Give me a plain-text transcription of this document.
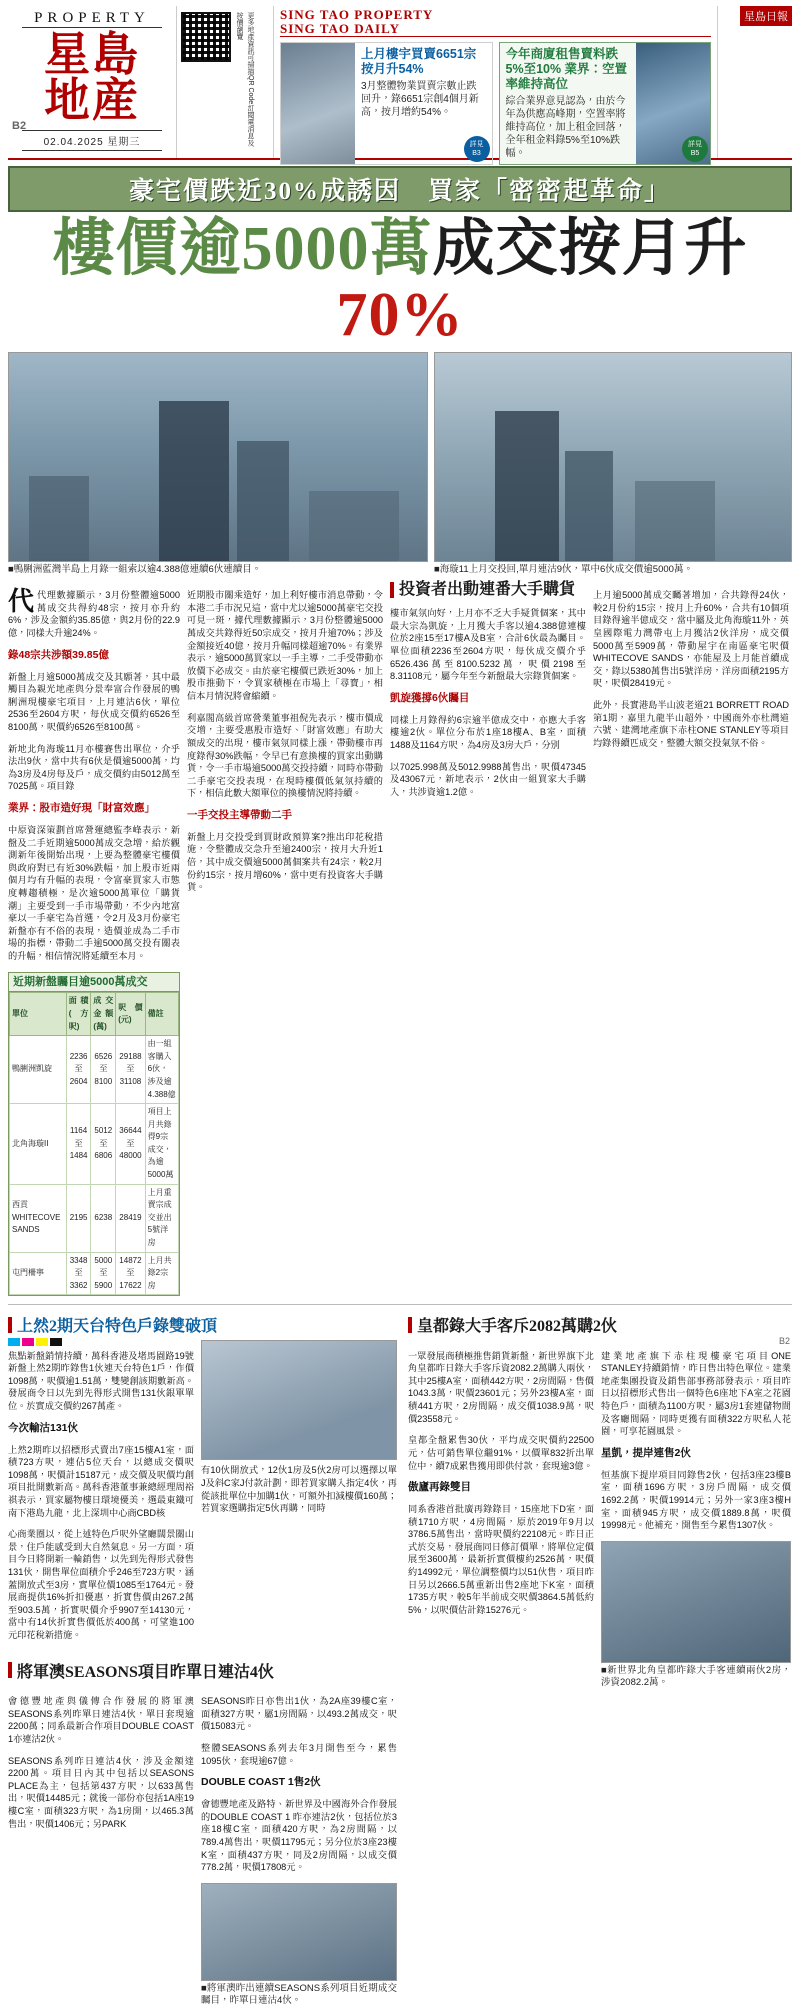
PROPERTY
星島
地産
02.04.2025 星期三
B2	更多地產資訊可掃描QR Code訂閱電消息及按價瀏覽	SING TAO PROPERTY
SING TAO DAILY
上月樓宇買賣6651宗 按月升54%
3月整體物業買賣宗數止跌回升，錄6651宗創4個月新高，按月增約54%。
詳見
B3
今年商廈租售賣料跌5%至10% 業界：空置率維持高位
綜合業界意見認為，由於今年為供應高峰期，空置率將維持高位，加上租金回落，全年租金料錄5%至10%跌幅。
詳見
B5
星島日報
豪宅價跌近30%成誘因　買家「密密起革命」
樓價逾5000萬成交按月升70%
■鴨脷洲藍灣半島上月錄一組索以逾4.388億連續6伙連續目。	■海璇11上月交投回,單月連沽9伙，單中6伙成交價逾5000萬。

代代理數據顯示，3月份整體逾5000萬成交共得約48宗，按月亦升約6%，涉及金額約35.85億，與2月份的22.9億，同樣大升逾24%。

錄48宗共涉額39.85億

新盤上月逾5000萬成交及其願著，其中最觸目為親光地產與分景奉富合作發展的鴨脷洲現樓豪宅項目，上月連沽6伙，單位2536至2604方呎，每伙成交價約6526至8100萬，呎價約6526至8100萬。

新地北角海璇11月亦樓賽售出單位，介乎法出9伙，當中共有6伙是價逾5000萬，均為3房及4房每及戶，成交價約由5012萬至7025萬。項目錄

業界：股市造好現「財富效應」

中原資深策劃首席營運總監李峰表示，新盤及二手近期逾5000萬成交急增，給於觀測新年後開始出現，上要為整體豪宅樓價與政府對已有近30%跌幅，加上股市近兩個月均有升幅的表現，令富豪買家入市態度轉趨積極，是次逾5000萬單位「購貨潮」主要受到一手市場帶動，不少內地富豪以一手豪宅為首選，令2月及3月份豪宅新盤亦有不俗的表現，造價並成為二手市場的指標，帶動二手逾5000萬交投有關表的升幅，相信情況將延續至本月。

近期新盤矚目逾5000萬成交
單位	面積(方呎)	成交金額(萬)	呎價(元)	備註
鴨脷洲凱旋	2236至2604	6526至8100	29188至31108	由一組客購入6伙，涉及逾4.388億
北角海璇II	1164至1484	5012至6806	36644至48000	項目上月共錄得9宗成交，為逾5000萬
西貢WHITECOVE SANDS	2195	6238	28419	上月重賣宗成交並出5號洋房
屯門柵寧	3348至3362	5000至5900	14872至17622	上月共錄2宗房

近期股市關乘造好，加上利好樓市消息帶動，令本港二手市況兄這，當中尤以逾5000萬豪宅交投可見一斑，據代理數據顯示，3月份整體逾5000萬成交共錄得近50宗成交，按月升逾70%；涉及金額接近40億，按月升幅同樣超逾70%。有業界表示，逾5000萬買家以一手主導，二手受帶動亦放價下必成交。由於豪宅樓價已跌近30%，加上股市推動下，令買家積極在市場上「尋寶」，相信本月情況將會縮續。

利嘉閣高級首席營業董事祖倪先表示，樓市價成交增，主要受惠股市造好、「財富效應」有助大額成交的出現，樓市氣氛同樣上漲，帶動樓市再度錄得30%跌幅，令早已有意換樓的買家出動購貨，令一手市場逾5000萬交投持續，同時亦帶動二手豪宅交投表現，在現時樓價低氣氛持續的下，相信此數大額單位的換樓情況將持續。

一手交投主導帶動二手

新盤上月交投受到買財政預算案?推出印花稅措施，令整體成交急升至逾2400宗，按月大升近1倍，其中成交價逾5000萬個案共有24宗，較2月份約15宗，按月增60%，當中更有投資客大手購貨。

投資者出動連番大手購貨

樓市氣氛向好，上月亦不乏大手疑貨個案，其中最大宗為凱旋，上月獲大手客以逾4.388億連樓位於2座15至17樓A及B室，合計6伙最為矚目。單位面積2236至2604方呎，每伙成交價介乎6526.436萬至8100.5232萬，呎價2198至8.31108元，屬今年至今新盤最大宗錄貨個案。

凱旋獲撐6伙矚目

同樣上月錄得約6宗逾半億成交中，亦應大手客樓逾2伙。單位分布於1座18樓A、B室，面積1488及1164方呎，為4房及3房大戶，分別

以7025.998萬及5012.9988萬售出，呎價47345及43067元，新地表示，2伙由一組買家大手購入，共涉資逾1.2億。

上月逾5000萬成交矚著增加，合共錄得24伙，較2月份約15宗，按月上升60%，合共有10個項目錄得逾半億成交，當中屬及北角海璇11外，英皇國際電力灣帶屯上月獲沽2伙洋房，成交價5000萬至5909萬，帶動屋宇在南區豪宅呎價WHITECOVE SANDS，亦能屋及上月能首續成交，錄以5380萬售出5號洋房，洋房面積2195方呎，呎價28419元。

此外，長實港島半山波老道21 BORRETT ROAD 第1期，嘉里九龍半山超外，中國商外亦杜灣道六號、建灣地產旗下赤柱ONE STANLEY等項目均錄得續匹成交，整體大額交投氣氛不俗。

上然2期天台特色戶錄雙破頂

焦點新盤銷情持續，萬科香港及堵馬園路19號新盤上然2期昨錄售1伙連天台特色1戶，作價1098萬，呎價逾1.51萬，雙變創該期數新高。發展商令日以先到先得形式開售131伙銀單單位。於實成交價約267萬產。

今次輸沽131伙

上然2期昨以招標形式賣出7座15樓A1室，面積723方呎，連佔5位天台，以總成交價呎1098萬，呎價計15187元，成交價及呎價均創項目批開數新高。萬科香港董事兼總經理周裕祺表示，買家屬物樓日環境優美，選最東鐵可南下港島九龍，北上深圳中心商CBD核

心商業圈以，從上述特色戶呎外望廳闊景關山景，住戶能感受到大自然氣息。另一方面，項目今日將開新一輪銷售，以先到先得形式發售131伙，開售單位面積介乎246至723方呎，涵蓋開放式至3房，實單位價1085至1764元。發展商提供16%折扣優惠，折實售價由267.2萬至903.5萬，折實呎價介乎9907至14130元，當中有14伙折實售價低於400萬，可望進100元印花稅新措施。

有10伙開放式，12伙1房及5伙2房可以選擇以單J及斜C家J付款計劃，即若買家購入指定4伙，再從該批單位中加購1伙，可額外扣減樓價160萬；若買家選購指定5伙再購，同時

將軍澳SEASONS項目昨單日連沽4伙

會德豐地產與儀傳合作發展的將軍澳SEASONS系列昨單日連沽4伙，單日套現逾2200萬；同系最新合作項目DOUBLE COAST 1亦連沽2伙。

SEASONS系列昨日連沽4伙，涉及金額達2200萬。項目日內其中包括以SEASONS PLACE為主，包括第437方呎，以633萬售出，呎價14485元；就後一部份亦包括1A座19樓C室，面積323方呎，為1房開，以465.3萬售出，呎價1406元；另PARK

SEASONS昨日亦售出1伙，為2A座39樓C室，面積327方呎，屬1房間隔，以493.2萬成交，呎價15083元。

整體SEASONS系列去年3月開售至今，累售1095伙，套現逾67億。

DOUBLE COAST 1售2伙

會德豐地產及路特、新世界及中國海外合作發展的DOUBLE COAST 1 昨亦連沽2伙，包括位於3座18樓C室，面積420方呎，為2房間隔，以789.4萬售出，呎價11795元；另分位於3座23樓K室，面積437方呎，同及2房間隔，以成交價778.2萬，呎價17808元。

■將軍澳昨出連續SEASONS系列項目近期成交矚目，昨單日連沽4伙。
皇都錄大手客斥2082萬購2伙

一眾發展商積極推售銷貨新盤，新世界旗下北角皇都昨日錄大手客斥資2082.2萬購入兩伙，其中25樓A室，面積442方呎，2房間隔，售價1043.3萬，呎價23601元；另外23樓A室，面積441方呎，2房間隔，成交價1038.9萬，呎價23558元。

皇都全盤累售30伙，平均成交呎價約22500元，估可銷售單位繼91%，以價單832折出單位中，續7成累售獲用即供付款，套現逾3億。

傲廬再錄雙目

同系香港首批廣再錄錄目，15座地下D室，面積1710方呎，4房間隔，原於2019年9月以3786.5萬售出，當時呎價約22108元。昨日正式於交易，發展商同日修訂價單，將單位定價展至3600萬，最新折實價樓約2526萬，呎價約14992元，單位調整價均以51伙售，項目昨日另以2666.5萬重新出售2座地下K室，面積1735方呎，較5年半前成交呎價3864.5萬低約5%，以呎價估計錄15276元。

建業地產旗下赤柱現樓豪宅項目ONE STANLEY持續銷情，昨日售出特色單位。建業地產集團投資及銷售部事務部發表示，項目昨日以招標形式售出一個特色6座地下A室之花園特色戶，面積為1100方呎，屬3房1套連儲物間及客廳間隔，同時更獲有面積322方呎私人花園，可享花園風景。

星凱，提岸連售2伙

恒基旗下提岸項目同錄售2伙，包括3座23樓B室，面積1696方呎，3房戶間隔，成交價1692.2萬，呎價19914元；另外一家3座3樓H室，面積945方呎，成交價1889.8萬，呎價19998元。他補充，開售至今累售1307伙。

■新世界北角皇都昨錄大手客連續兩伙2房，涉資2082.2萬。
B2
